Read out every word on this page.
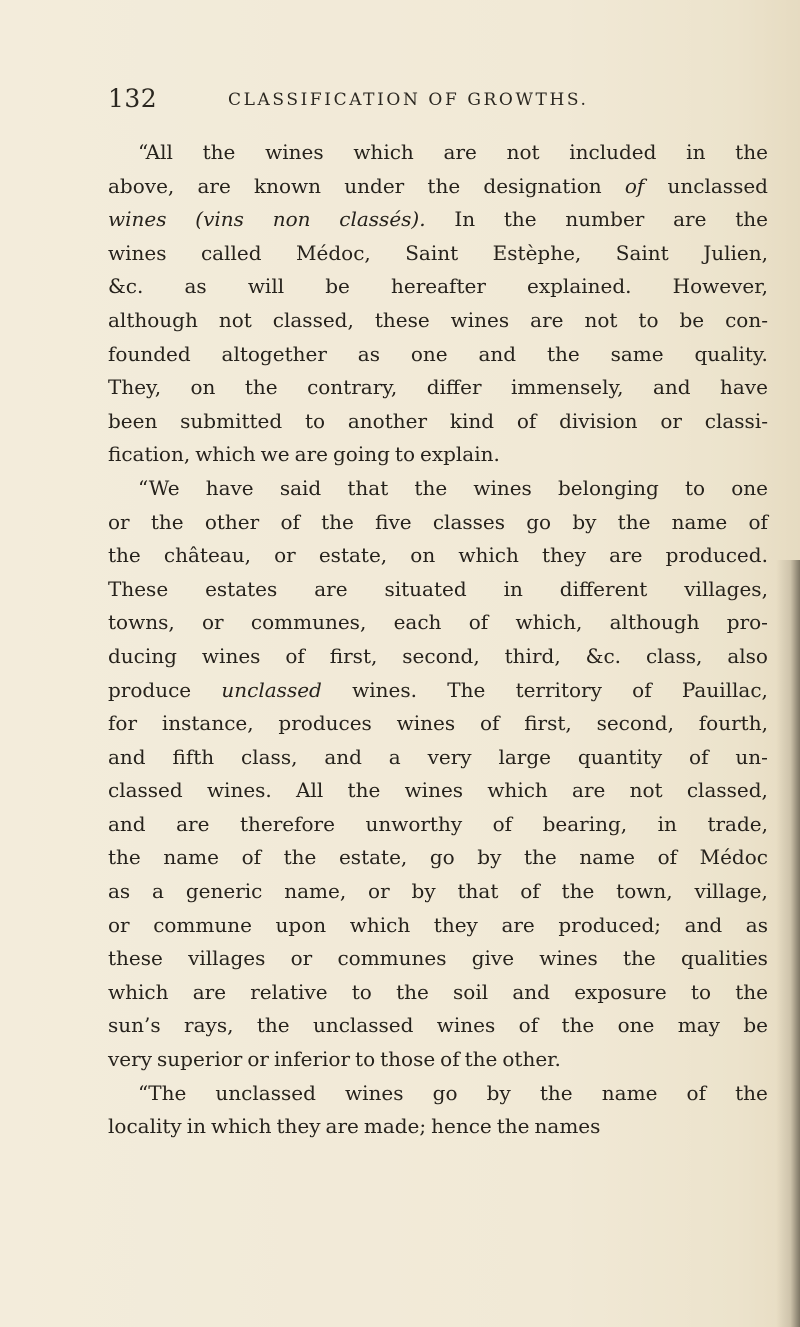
132	CLASSIFICATION OF GROWTHS.
“All the wines which are not included in the
above, are known under the designation of unclassed
wines (vins non classés). In the number are the
wines called Médoc, Saint Estèphe, Saint Julien,
&c. as will be hereafter explained. However,
although not classed, these wines are not to be con-
founded altogether as one and the same quality.
They, on the contrary, differ immensely, and have
been submitted to another kind of division or classi-
fication, which we are going to explain.
“We have said that the wines belonging to one
or the other of the five classes go by the name of
the château, or estate, on which they are produced.
These estates are situated in different villages,
towns, or communes, each of which, although pro-
ducing wines of first, second, third, &c. class, also
produce unclassed wines. The territory of Pauillac,
for instance, produces wines of first, second, fourth,
and fifth class, and a very large quantity of un-
classed wines. All the wines which are not classed,
and are therefore unworthy of bearing, in trade,
the name of the estate, go by the name of Médoc
as a generic name, or by that of the town, village,
or commune upon which they are produced; and as
these villages or communes give wines the qualities
which are relative to the soil and exposure to the
sun’s rays, the unclassed wines of the one may be
very superior or inferior to those of the other.
“The unclassed wines go by the name of the
locality in which they are made; hence the names
